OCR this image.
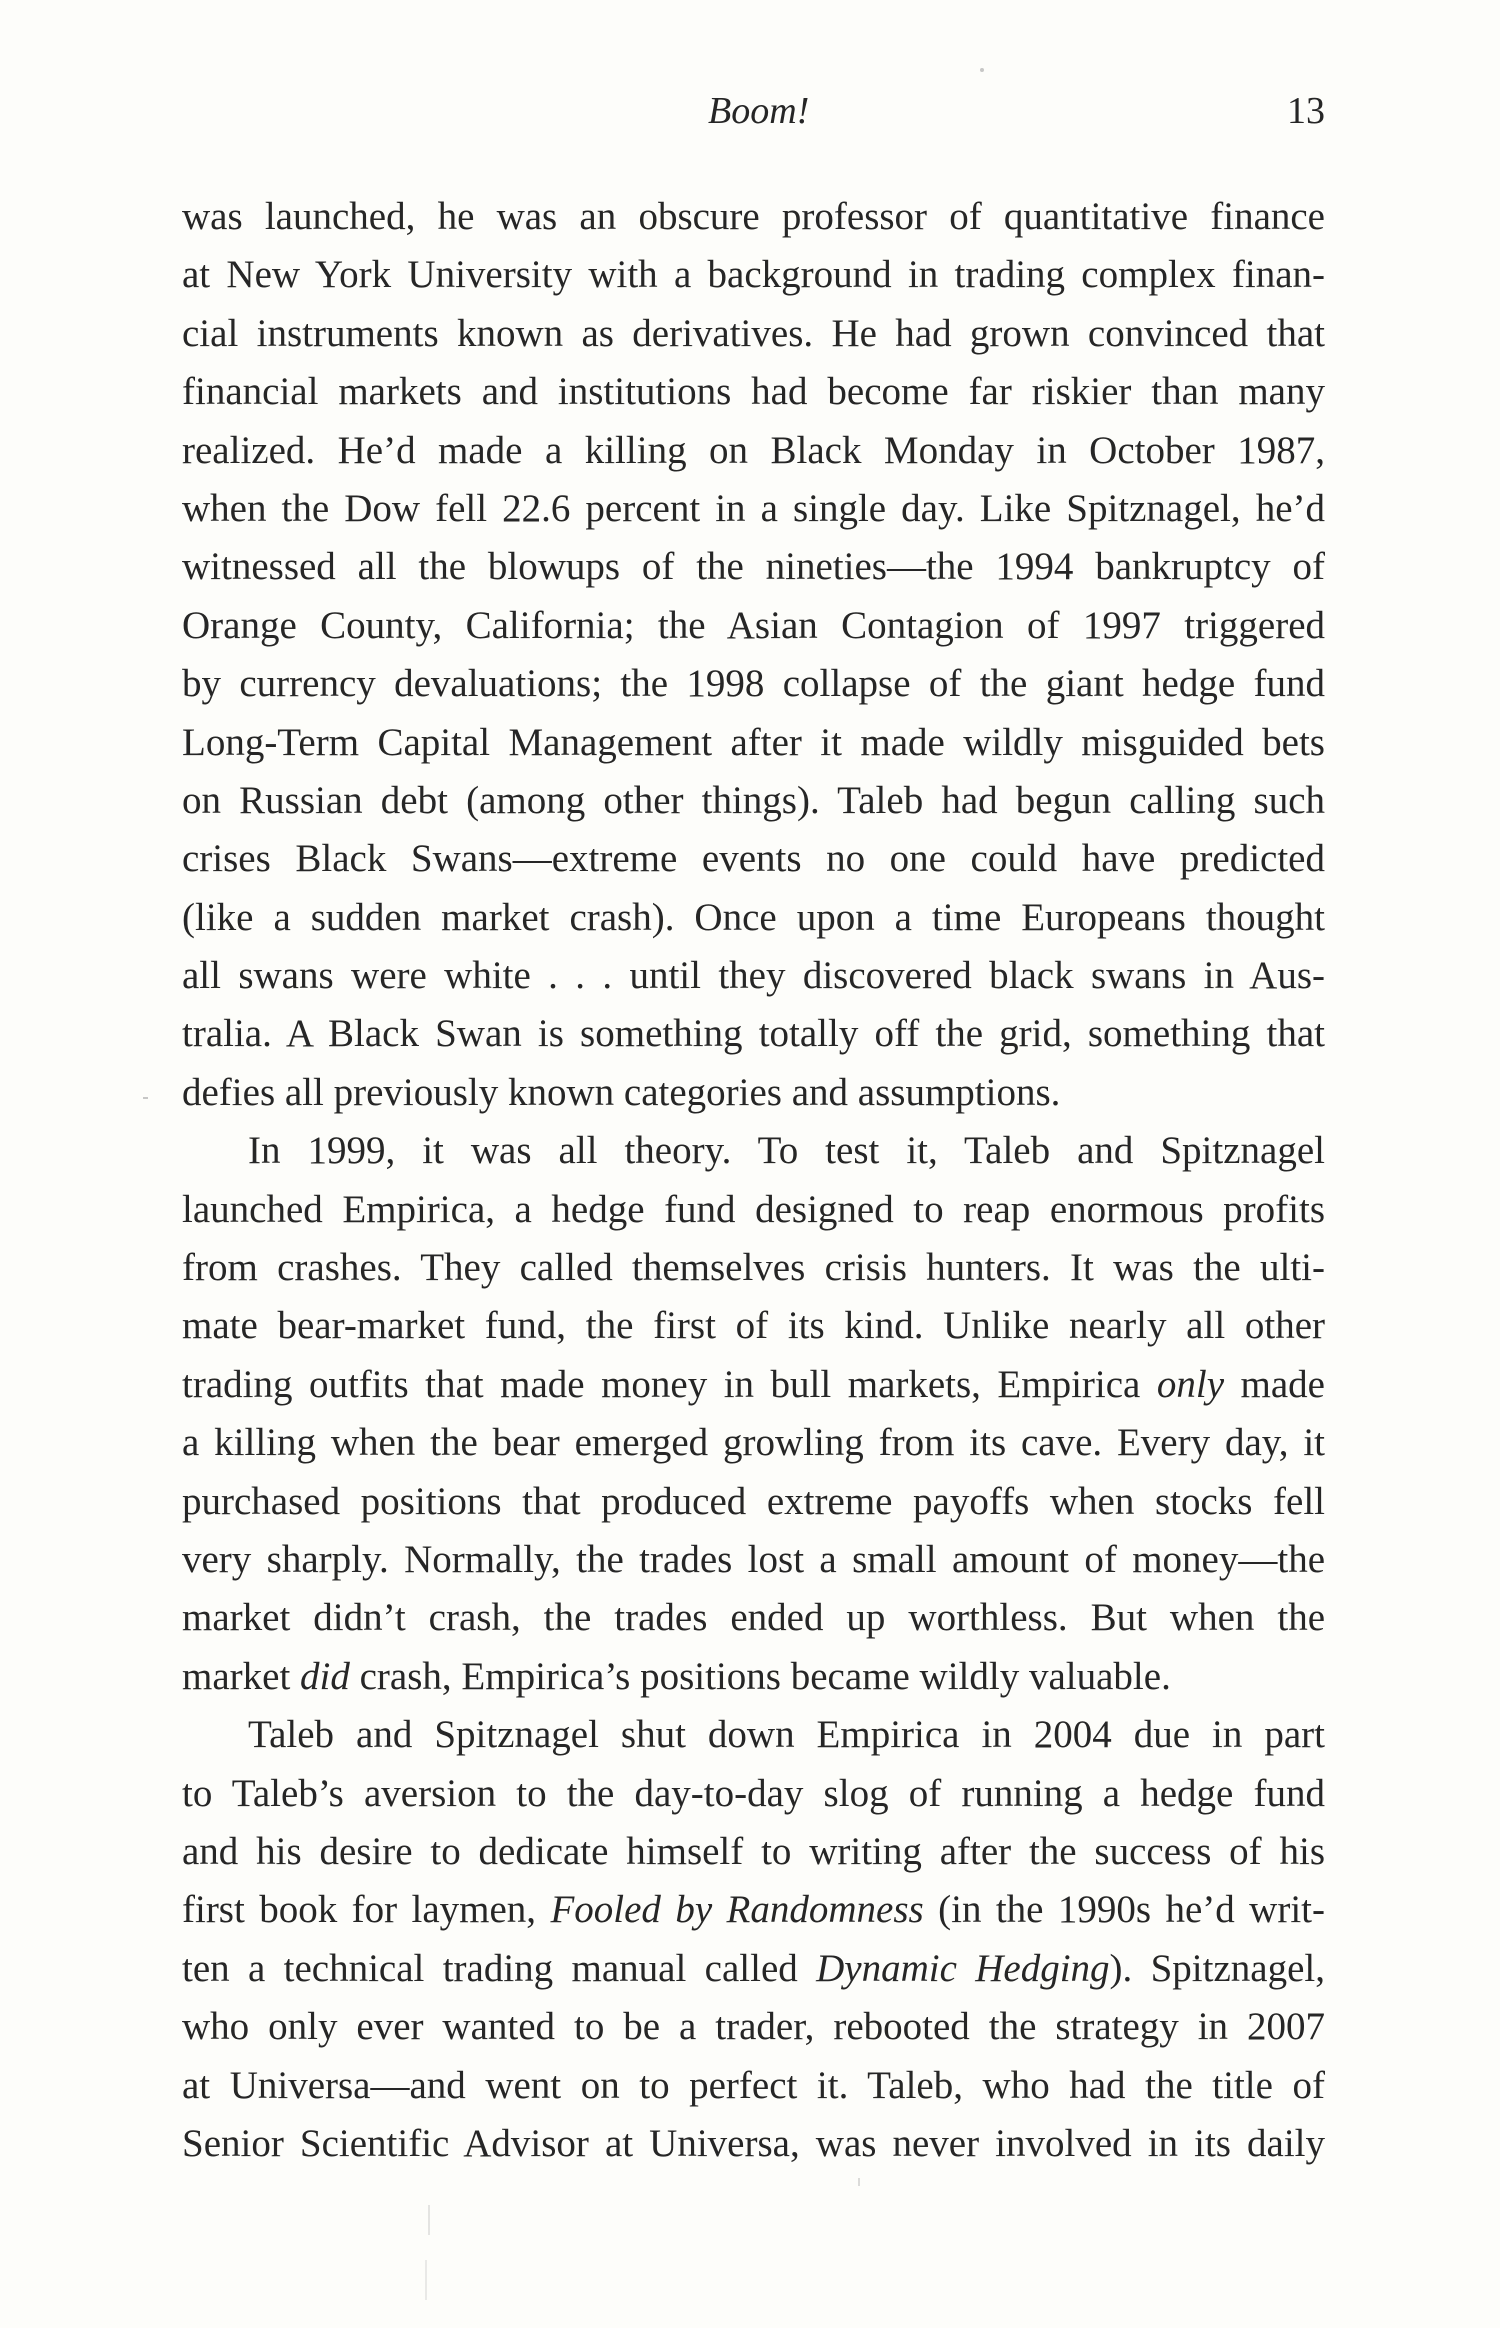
Boom!	13
was launched, he was an obscure professor of quantitative finance
at New York University with a background in trading complex finan-
cial instruments known as derivatives. He had grown convinced that
financial markets and institutions had become far riskier than many
realized. He’d made a killing on Black Monday in October 1987,
when the Dow fell 22.6 percent in a single day. Like Spitznagel, he’d
witnessed all the blowups of the nineties—the 1994 bankruptcy of
Orange County, California; the Asian Contagion of 1997 triggered
by currency devaluations; the 1998 collapse of the giant hedge fund
Long-Term Capital Management after it made wildly misguided bets
on Russian debt (among other things). Taleb had begun calling such
crises Black Swans—extreme events no one could have predicted
(like a sudden market crash). Once upon a time Europeans thought
all swans were white . . . until they discovered black swans in Aus-
tralia. A Black Swan is something totally off the grid, something that
defies all previously known categories and assumptions.
In 1999, it was all theory. To test it, Taleb and Spitznagel
launched Empirica, a hedge fund designed to reap enormous profits
from crashes. They called themselves crisis hunters. It was the ulti-
mate bear-market fund, the first of its kind. Unlike nearly all other
trading outfits that made money in bull markets, Empirica only made
a killing when the bear emerged growling from its cave. Every day, it
purchased positions that produced extreme payoffs when stocks fell
very sharply. Normally, the trades lost a small amount of money—the
market didn’t crash, the trades ended up worthless. But when the
market did crash, Empirica’s positions became wildly valuable.
Taleb and Spitznagel shut down Empirica in 2004 due in part
to Taleb’s aversion to the day-to-day slog of running a hedge fund
and his desire to dedicate himself to writing after the success of his
first book for laymen, Fooled by Randomness (in the 1990s he’d writ-
ten a technical trading manual called Dynamic Hedging). Spitznagel,
who only ever wanted to be a trader, rebooted the strategy in 2007
at Universa—and went on to perfect it. Taleb, who had the title of
Senior Scientific Advisor at Universa, was never involved in its daily
